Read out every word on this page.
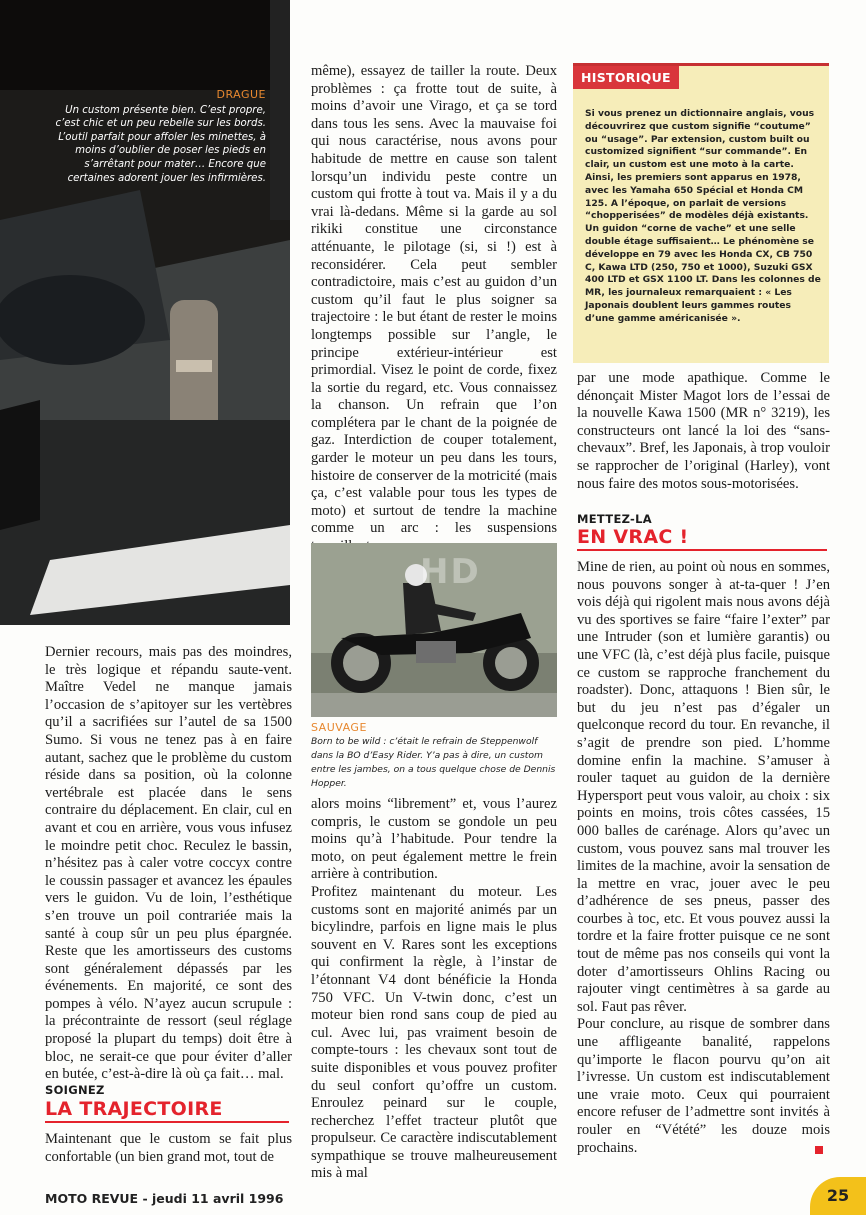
DRAGUE
Un custom présente bien. C’est propre, c’est chic et un peu rebelle sur les bords. L’outil parfait pour affoler les minettes, à moins d’oublier de poser les pieds en s’arrêtant pour mater… Encore que certaines adorent jouer les infirmières.

Dernier recours, mais pas des moindres, le très logique et répandu saute-vent. Maître Vedel ne manque jamais l’occasion de s’apitoyer sur les vertèbres qu’il a sacrifiées sur l’autel de sa 1500 Sumo. Si vous ne tenez pas à en faire autant, sachez que le problème du custom réside dans sa position, où la colonne vertébrale est placée dans le sens contraire du déplacement. En clair, cul en avant et cou en arrière, vous vous infusez le moindre petit choc. Reculez le bassin, n’hésitez pas à caler votre coccyx contre le coussin passager et avancez les épaules vers le guidon. Vu de loin, l’esthétique s’en trouve un poil contrariée mais la santé à coup sûr un peu plus épargnée. Reste que les amortisseurs des customs sont généralement dépassés par les événements. En majorité, ce sont des pompes à vélo. N’ayez aucun scrupule : la précontrainte de ressort (seul réglage proposé la plupart du temps) doit être à bloc, ne serait-ce que pour éviter d’aller en butée, c’est-à-dire là où ça fait… mal.

SOIGNEZ
LA TRAJECTOIRE
Maintenant que le custom se fait plus confortable (un bien grand mot, tout de

même), essayez de tailler la route. Deux problèmes : ça frotte tout de suite, à moins d’avoir une Virago, et ça se tord dans tous les sens. Avec la mauvaise foi qui nous caractérise, nous avons pour habitude de mettre en cause son talent lorsqu’un individu peste contre un custom qui frotte à tout va. Mais il y a du vrai là-dedans. Même si la garde au sol rikiki constitue une circonstance atténuante, le pilotage (si, si !) est à reconsidérer. Cela peut sembler contradictoire, mais c’est au guidon d’un custom qu’il faut le plus soigner sa trajectoire : le but étant de rester le moins longtemps possible sur l’angle, le principe extérieur-intérieur est primordial. Visez le point de corde, fixez la sortie du regard, etc. Vous connaissez la chanson. Un refrain que l’on complétera par le chant de la poignée de gaz. Interdiction de couper totalement, garder le moteur un peu dans les tours, histoire de conserver de la motricité (mais ça, c’est valable pour tous les types de moto) et surtout de tendre la machine comme un arc : les suspensions

HD
SAUVAGE
Born to be wild : c’était le refrain de Steppenwolf dans la BO d’Easy Rider. Y’a pas à dire, un custom entre les jambes, on a tous quelque chose de Dennis Hopper.

alors moins “librement” et, vous l’aurez compris, le custom se gondole un peu moins qu’à l’habitude. Pour tendre la moto, on peut également mettre le frein arrière à contribution.

Profitez maintenant du moteur. Les customs sont en majorité animés par un bicylindre, parfois en ligne mais le plus souvent en V. Rares sont les exceptions qui confirment la règle, à l’instar de l’étonnant V4 dont bénéficie la Honda 750 VFC. Un V-twin donc, c’est un moteur bien rond sans coup de pied au cul. Avec lui, pas vraiment besoin de compte-tours : les chevaux sont tout de suite disponibles et vous pouvez profiter du seul confort qu’offre un custom. Enroulez peinard sur le couple, recherchez l’effet tracteur plutôt que propulseur. Ce caractère indiscutablement sympathique se trouve malheureusement mis à mal

HISTORIQUE
Si vous prenez un dictionnaire anglais, vous découvrirez que custom signifie “coutume” ou “usage”. Par extension, custom built ou customized signifient “sur commande”. En clair, un custom est une moto à la carte. Ainsi, les premiers sont apparus en 1978, avec les Yamaha 650 Spécial et Honda CM 125. A l’époque, on parlait de versions “chopperisées” de modèles déjà existants. Un guidon “corne de vache” et une selle double étage suffisaient… Le phénomène se développe en 79 avec les Honda CX, CB 750 C, Kawa LTD (250, 750 et 1000), Suzuki GSX 400 LTD et GSX 1100 LT. Dans les colonnes de MR, les journaleux remarquaient : « Les Japonais doublent leurs gammes routes d’une gamme américanisée ».

par une mode apathique. Comme le dénonçait Mister Magot lors de l’essai de la nouvelle Kawa 1500 (MR n° 3219), les constructeurs ont lancé la loi des “sans-chevaux”. Bref, les Japonais, à trop vouloir se rapprocher de l’original (Harley), vont nous faire des motos sous-motorisées.

METTEZ-LA
EN VRAC !

Mine de rien, au point où nous en sommes, nous pouvons songer à at-ta-quer ! J’en vois déjà qui rigolent mais nous avons déjà vu des sportives se faire “faire l’exter” par une Intruder (son et lumière garantis) ou une VFC (là, c’est déjà plus facile, puisque ce custom se rapproche franchement du roadster). Donc, attaquons ! Bien sûr, le but du jeu n’est pas d’égaler un quelconque record du tour. En revanche, il s’agit de prendre son pied. L’homme domine enfin la machine. S’amuser à rouler taquet au guidon de la dernière Hypersport peut vous valoir, au choix : six points en moins, trois côtes cassées, 15 000 balles de carénage. Alors qu’avec un custom, vous pouvez sans mal trouver les limites de la machine, avoir la sensation de la mettre en vrac, jouer avec le peu d’adhérence de ses pneus, passer des courbes à toc, etc. Et vous pouvez aussi la tordre et la faire frotter puisque ce ne sont tout de même pas nos conseils qui vont la doter d’amortisseurs Ohlins Racing ou rajouter vingt centimètres à sa garde au sol. Faut pas rêver.

Pour conclure, au risque de sombrer dans une affligeante banalité, rappelons qu’importe le flacon pourvu qu’on ait l’ivresse. Un custom est indiscutablement une vraie moto. Ceux qui pourraient encore refuser de l’admettre sont invités à rouler en “Vétété” les douze mois prochains.

MOTO REVUE - jeudi 11 avril 1996	25
